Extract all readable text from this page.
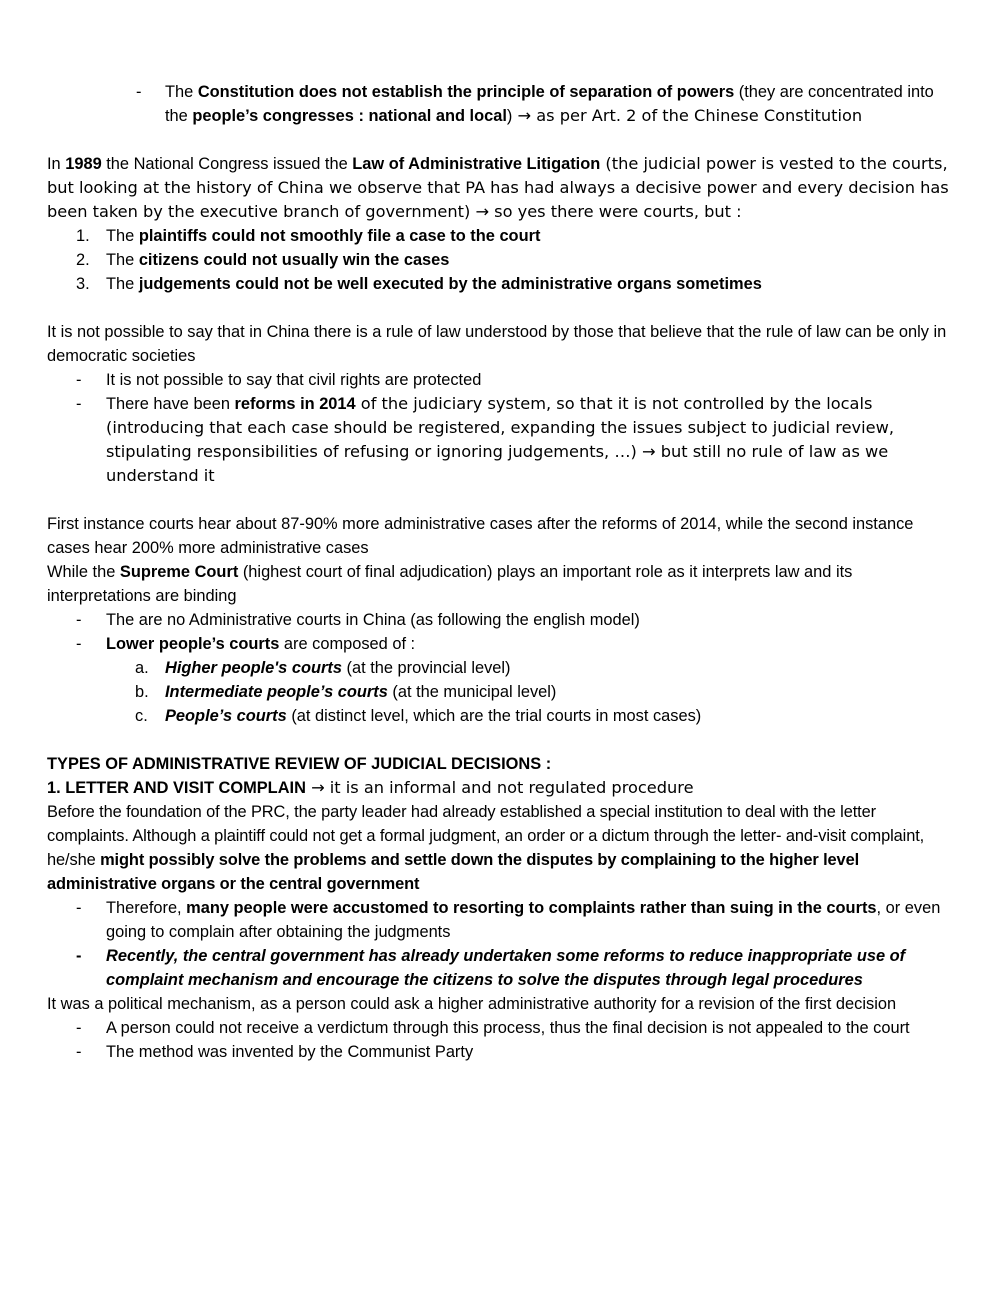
- The Constitution does not establish the principle of separation of powers (they are concentrated into the people’s congresses : national and local) → as per Art. 2 of the Chinese Constitution

In 1989 the National Congress issued the Law of Administrative Litigation (the judicial power is vested to the courts, but looking at the history of China we observe that PA has had always a decisive power and every decision has been taken by the executive branch of government) → so yes there were courts, but :

1. The plaintiffs could not smoothly file a case to the court

2. The citizens could not usually win the cases

3. The judgements could not be well executed by the administrative organs sometimes

It is not possible to say that in China there is a rule of law understood by those that believe that the rule of law can be only in democratic societies

- It is not possible to say that civil rights are protected

- There have been reforms in 2014 of the judiciary system, so that it is not controlled by the locals (introducing that each case should be registered, expanding the issues subject to judicial review, stipulating responsibilities of refusing or ignoring judgements, …) → but still no rule of law as we understand it

First instance courts hear about 87-90% more administrative cases after the reforms of 2014, while the second instance cases hear 200% more administrative cases

While the Supreme Court (highest court of final adjudication) plays an important role as it interprets law and its interpretations are binding

- The are no Administrative courts in China (as following the english model)

- Lower people’s courts are composed of :

a. Higher people's courts (at the provincial level)

b. Intermediate people’s courts (at the municipal level)

c. People’s courts (at distinct level, which are the trial courts in most cases)

TYPES OF ADMINISTRATIVE REVIEW OF JUDICIAL DECISIONS :

1. LETTER AND VISIT COMPLAIN → it is an informal and not regulated procedure

Before the foundation of the PRC, the party leader had already established a special institution to deal with the letter complaints. Although a plaintiff could not get a formal judgment, an order or a dictum through the letter- and-visit complaint, he/she might possibly solve the problems and settle down the disputes by complaining to the higher level administrative organs or the central government

- Therefore, many people were accustomed to resorting to complaints rather than suing in the courts, or even going to complain after obtaining the judgments

- Recently, the central government has already undertaken some reforms to reduce inappropriate use of complaint mechanism and encourage the citizens to solve the disputes through legal procedures

It was a political mechanism, as a person could ask a higher administrative authority for a revision of the first decision

- A person could not receive a verdictum through this process, thus the final decision is not appealed to the court

- The method was invented by the Communist Party
